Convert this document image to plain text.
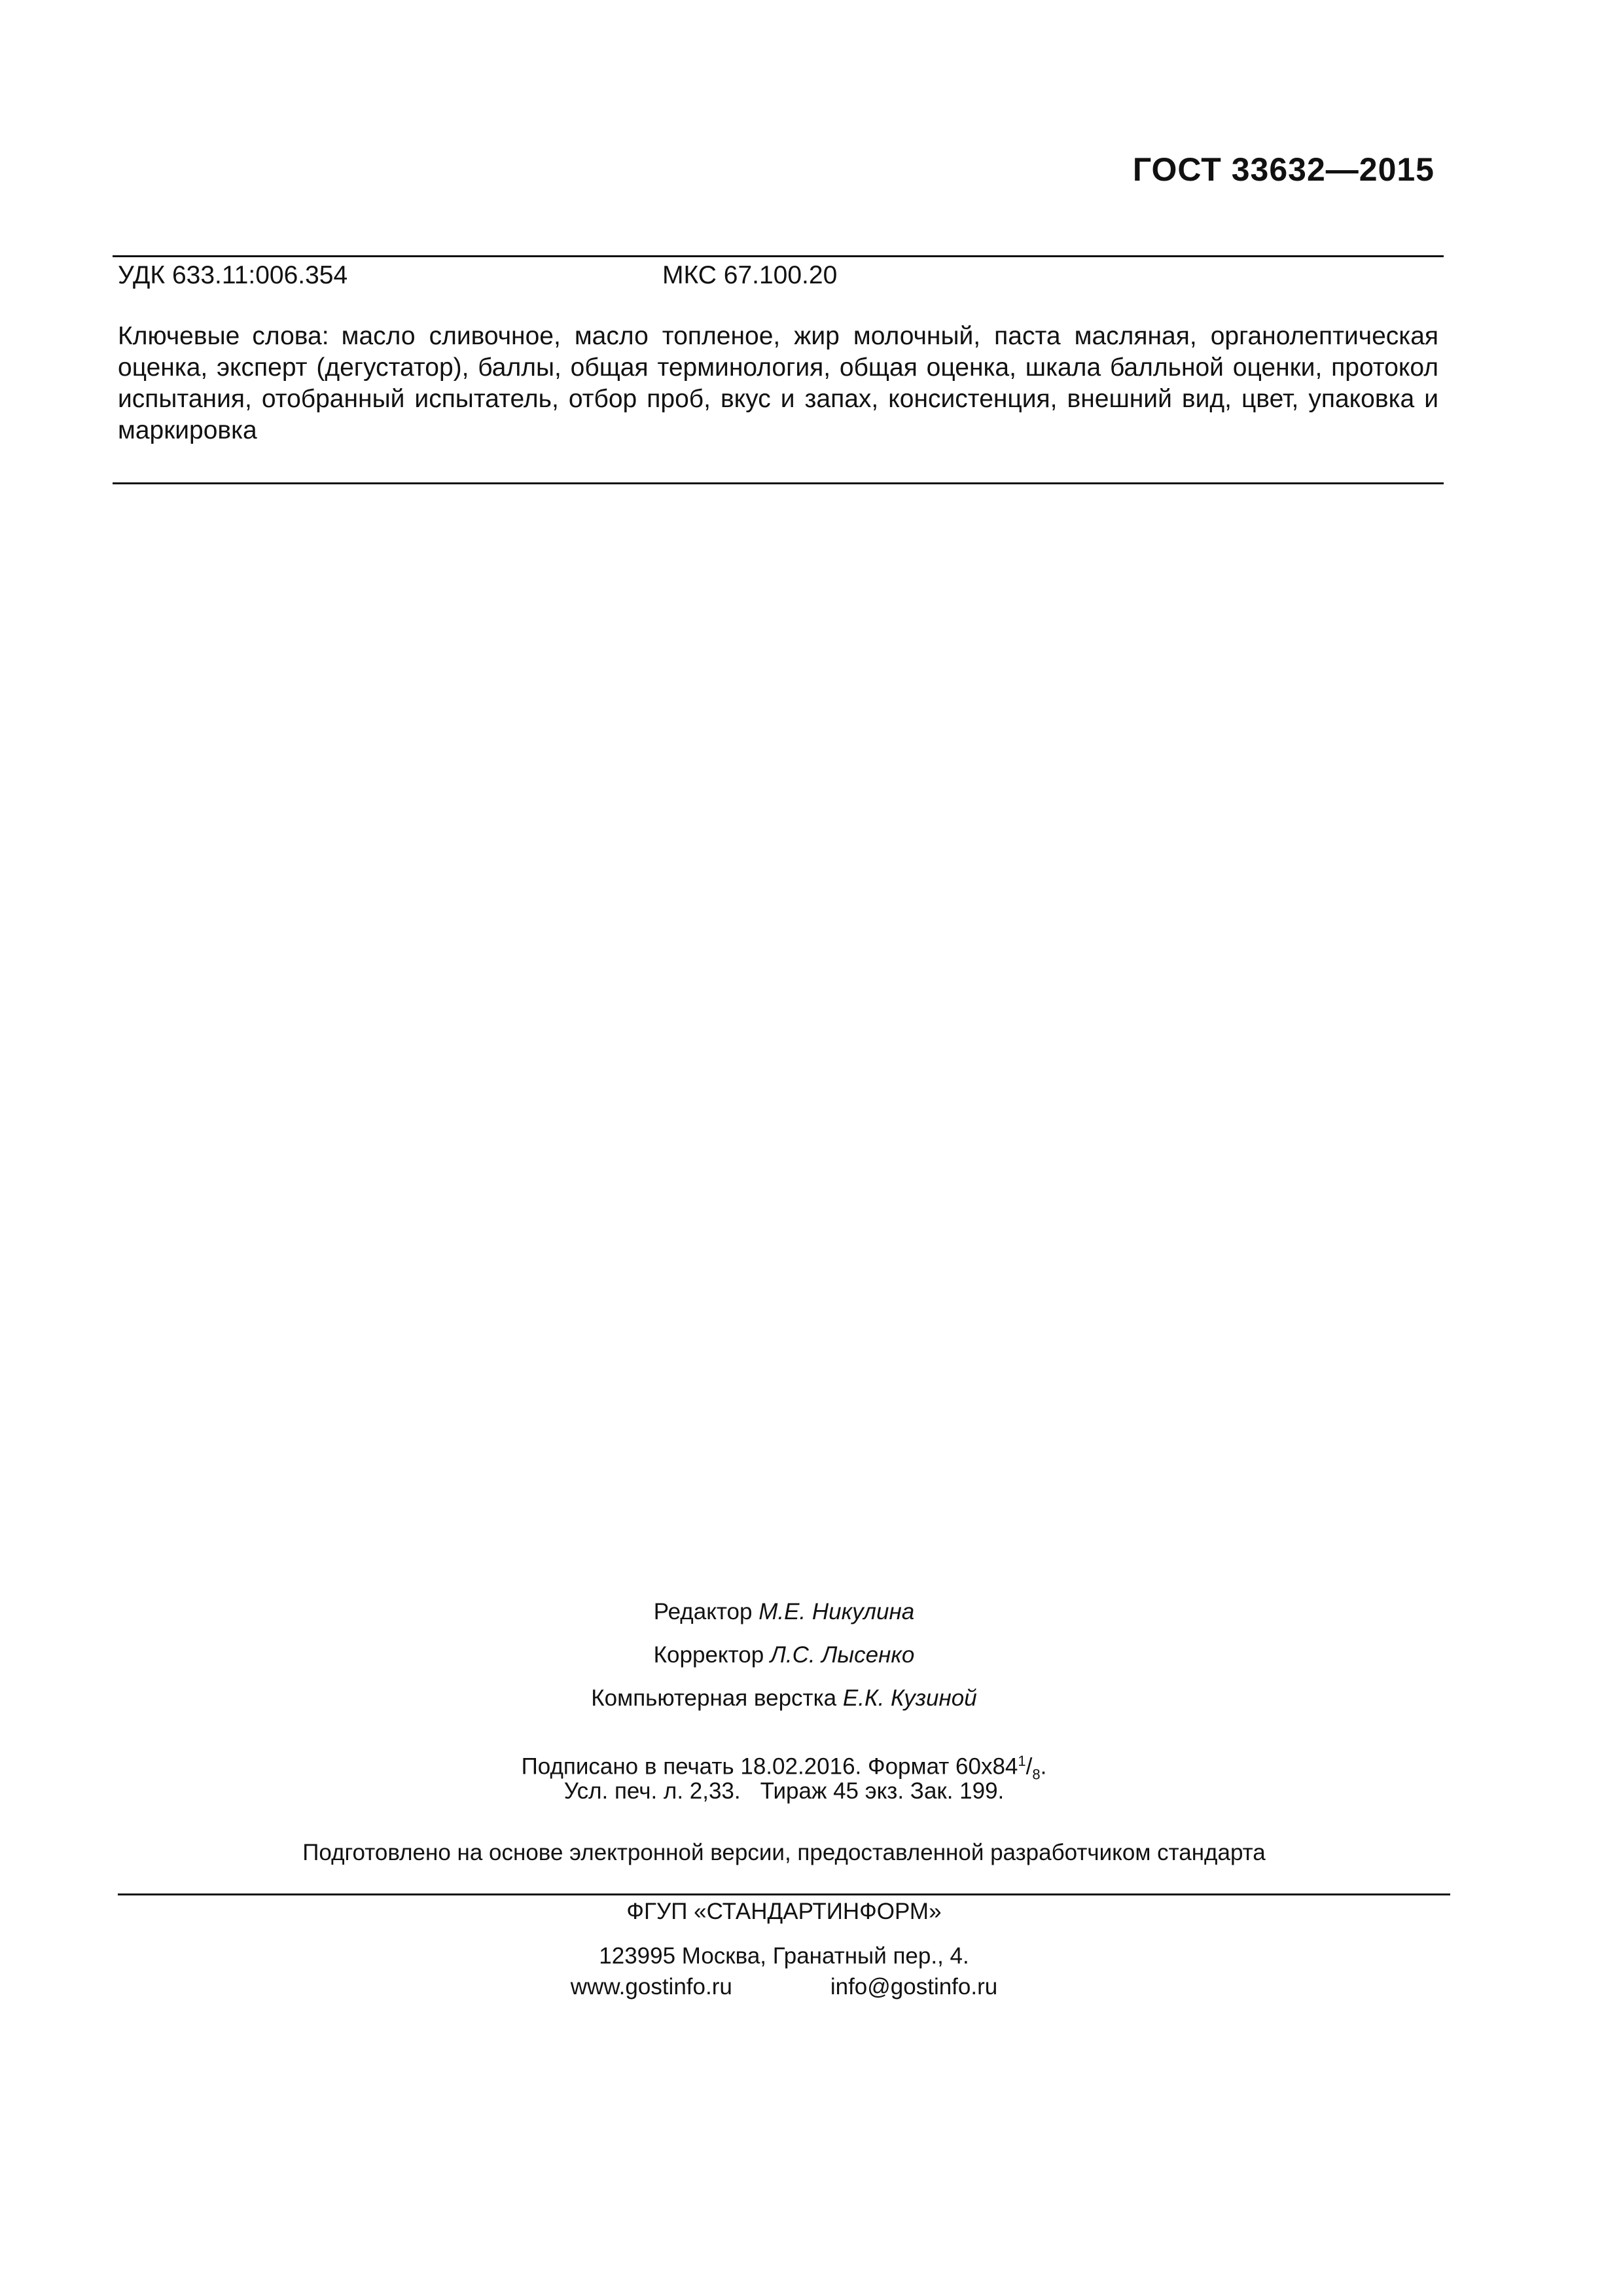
ГОСТ 33632—2015
УДК 633.11:006.354	МКС 67.100.20
Ключевые слова: масло сливочное, масло топленое, жир молочный, паста масляная, органолептическая оценка, эксперт (дегустатор), баллы, общая терминология, общая оценка, шкала балльной оценки, протокол испытания, отобранный испытатель, отбор проб, вкус и запах, консистенция, внешний вид, цвет, упаковка и маркировка
Редактор М.Е. Никулина
Корректор Л.С. Лысенко
Компьютерная верстка Е.К. Кузиной
Подписано в печать 18.02.2016. Формат $60х84^1/_8$.
Усл. печ. л. 2,33. Тираж 45 экз. Зак. 199.
Подготовлено на основе электронной версии, предоставленной разработчиком стандарта
ФГУП «СТАНДАРТИНФОРМ»
123995 Москва, Гранатный пер., 4.
www.gostinfo.ru	info@gostinfo.ru
